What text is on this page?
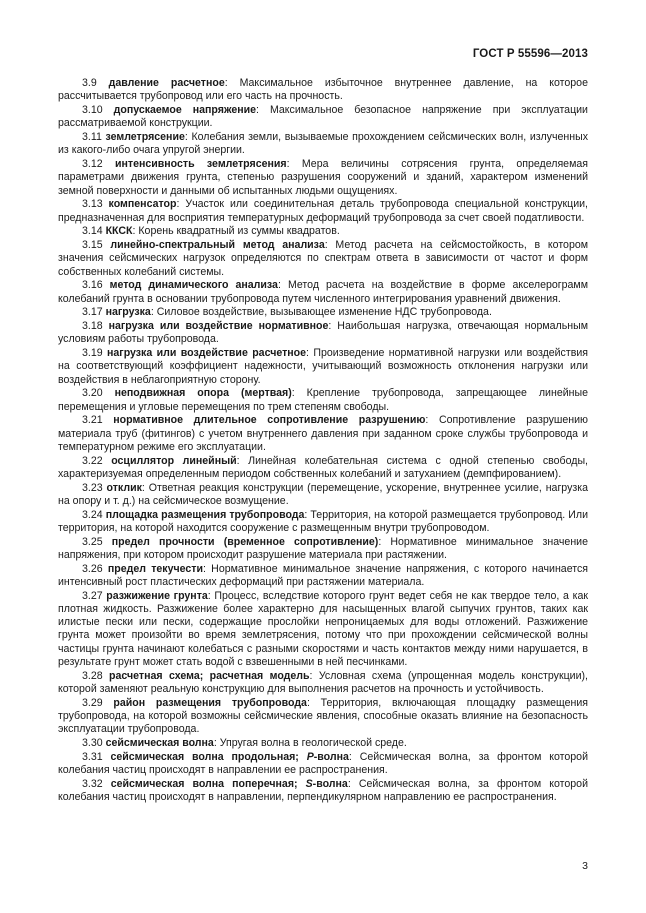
ГОСТ Р 55596—2013

3.9 давление расчетное: Максимальное избыточное внутреннее давление, на которое рассчитывается трубопровод или его часть на прочность.

3.10 допускаемое напряжение: Максимальное безопасное напряжение при эксплуатации рассматриваемой конструкции.

3.11 землетрясение: Колебания земли, вызываемые прохождением сейсмических волн, излученных из какого-либо очага упругой энергии.

3.12 интенсивность землетрясения: Мера величины сотрясения грунта, определяемая параметрами движения грунта, степенью разрушения сооружений и зданий, характером изменений земной поверхности и данными об испытанных людьми ощущениях.

3.13 компенсатор: Участок или соединительная деталь трубопровода специальной конструкции, предназначенная для восприятия температурных деформаций трубопровода за счет своей податливости.

3.14 ККСК: Корень квадратный из суммы квадратов.

3.15 линейно-спектральный метод анализа: Метод расчета на сейсмостойкость, в котором значения сейсмических нагрузок определяются по спектрам ответа в зависимости от частот и форм собственных колебаний системы.

3.16 метод динамического анализа: Метод расчета на воздействие в форме акселерограмм колебаний грунта в основании трубопровода путем численного интегрирования уравнений движения.

3.17 нагрузка: Силовое воздействие, вызывающее изменение НДС трубопровода.

3.18 нагрузка или воздействие нормативное: Наибольшая нагрузка, отвечающая нормальным условиям работы трубопровода.

3.19 нагрузка или воздействие расчетное: Произведение нормативной нагрузки или воздействия на соответствующий коэффициент надежности, учитывающий возможность отклонения нагрузки или воздействия в неблагоприятную сторону.

3.20 неподвижная опора (мертвая): Крепление трубопровода, запрещающее линейные перемещения и угловые перемещения по трем степеням свободы.

3.21 нормативное длительное сопротивление разрушению: Сопротивление разрушению материала труб (фитингов) с учетом внутреннего давления при заданном сроке службы трубопровода и температурном режиме его эксплуатации.

3.22 осциллятор линейный: Линейная колебательная система с одной степенью свободы, характеризуемая определенным периодом собственных колебаний и затуханием (демпфированием).

3.23 отклик: Ответная реакция конструкции (перемещение, ускорение, внутреннее усилие, нагрузка на опору и т. д.) на сейсмическое возмущение.

3.24 площадка размещения трубопровода: Территория, на которой размещается трубопровод. Или территория, на которой находится сооружение с размещенным внутри трубопроводом.

3.25 предел прочности (временное сопротивление): Нормативное минимальное значение напряжения, при котором происходит разрушение материала при растяжении.

3.26 предел текучести: Нормативное минимальное значение напряжения, с которого начинается интенсивный рост пластических деформаций при растяжении материала.

3.27 разжижение грунта: Процесс, вследствие которого грунт ведет себя не как твердое тело, а как плотная жидкость. Разжижение более характерно для насыщенных влагой сыпучих грунтов, таких как илистые пески или пески, содержащие прослойки непроницаемых для воды отложений. Разжижение грунта может произойти во время землетрясения, потому что при прохождении сейсмической волны частицы грунта начинают колебаться с разными скоростями и часть контактов между ними нарушается, в результате грунт может стать водой с взвешенными в ней песчинками.

3.28 расчетная схема; расчетная модель: Условная схема (упрощенная модель конструкции), которой заменяют реальную конструкцию для выполнения расчетов на прочность и устойчивость.

3.29 район размещения трубопровода: Территория, включающая площадку размещения трубопровода, на которой возможны сейсмические явления, способные оказать влияние на безопасность эксплуатации трубопровода.

3.30 сейсмическая волна: Упругая волна в геологической среде.

3.31 сейсмическая волна продольная; Р-волна: Сейсмическая волна, за фронтом которой колебания частиц происходят в направлении ее распространения.

3.32 сейсмическая волна поперечная; S-волна: Сейсмическая волна, за фронтом которой колебания частиц происходят в направлении, перпендикулярном направлению ее распространения.

3
